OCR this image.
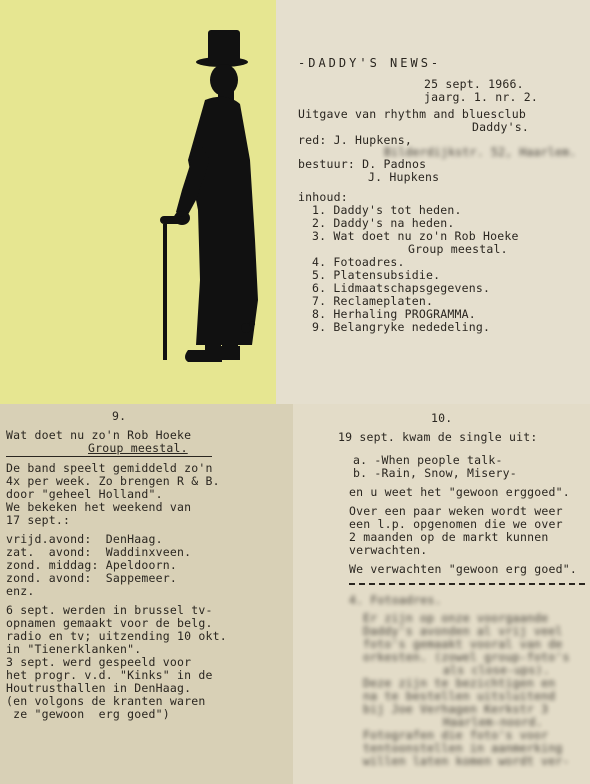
-DADDY'S NEWS-
25 sept. 1966.
jaarg. 1. nr. 2.
Uitgave van rhythm and bluesclub
Daddy's.
red: J. Hupkens,
Bilderdijkstr. 52, Haarlem.
bestuur: D. Padnos
J. Hupkens
inhoud:
1. Daddy's tot heden.
2. Daddy's na heden.
3. Wat doet nu zo'n Rob Hoeke
Group meestal.
4. Fotoadres.
5. Platensubsidie.
6. Lidmaatschapsgegevens.
7. Reclameplaten.
8. Herhaling PROGRAMMA.
9. Belangryke nededeling.
9.
Wat doet nu zo'n Rob Hoeke
Group meestal.
De band speelt gemiddeld zo'n
4x per week. Zo brengen R & B.
door "geheel Holland".
We bekeken het weekend van
17 sept.:
vrijd.avond:  DenHaag.
zat.  avond:  Waddinxveen.
zond. middag: Apeldoorn.
zond. avond:  Sappemeer.
enz.
6 sept. werden in brussel tv-
opnamen gemaakt voor de belg.
radio en tv; uitzending 10 okt.
in "Tienerklanken".
3 sept. werd gespeeld voor
het progr. v.d. "Kinks" in de
Houtrusthallen in DenHaag.
(en volgons de kranten waren
ze "gewoon  erg goed")
10.
19 sept. kwam de single uit:
a. -When people talk-
b. -Rain, Snow, Misery-
en u weet het "gewoon erggoed".
Over een paar weken wordt weer
een l.p. opgenomen die we over
2 maanden op de markt kunnen
verwachten.
We verwachten "gewoon erg goed".
4. Fotoadres.
Er zijn op onze voorgaande
Daddy's avonden al vrij veel
foto's gemaakt vooral van de
orkesten. (zowel group-foto's
als close-ups).
Deze zijn te bezichtigen en
na te bestellen uitsluitend
bij Joe Verhagen Kerkstr 3
Haarlem-noord.
Fotografen die foto's voor
tentoonstellen in aanmerking
willen laten komen wordt ver-
